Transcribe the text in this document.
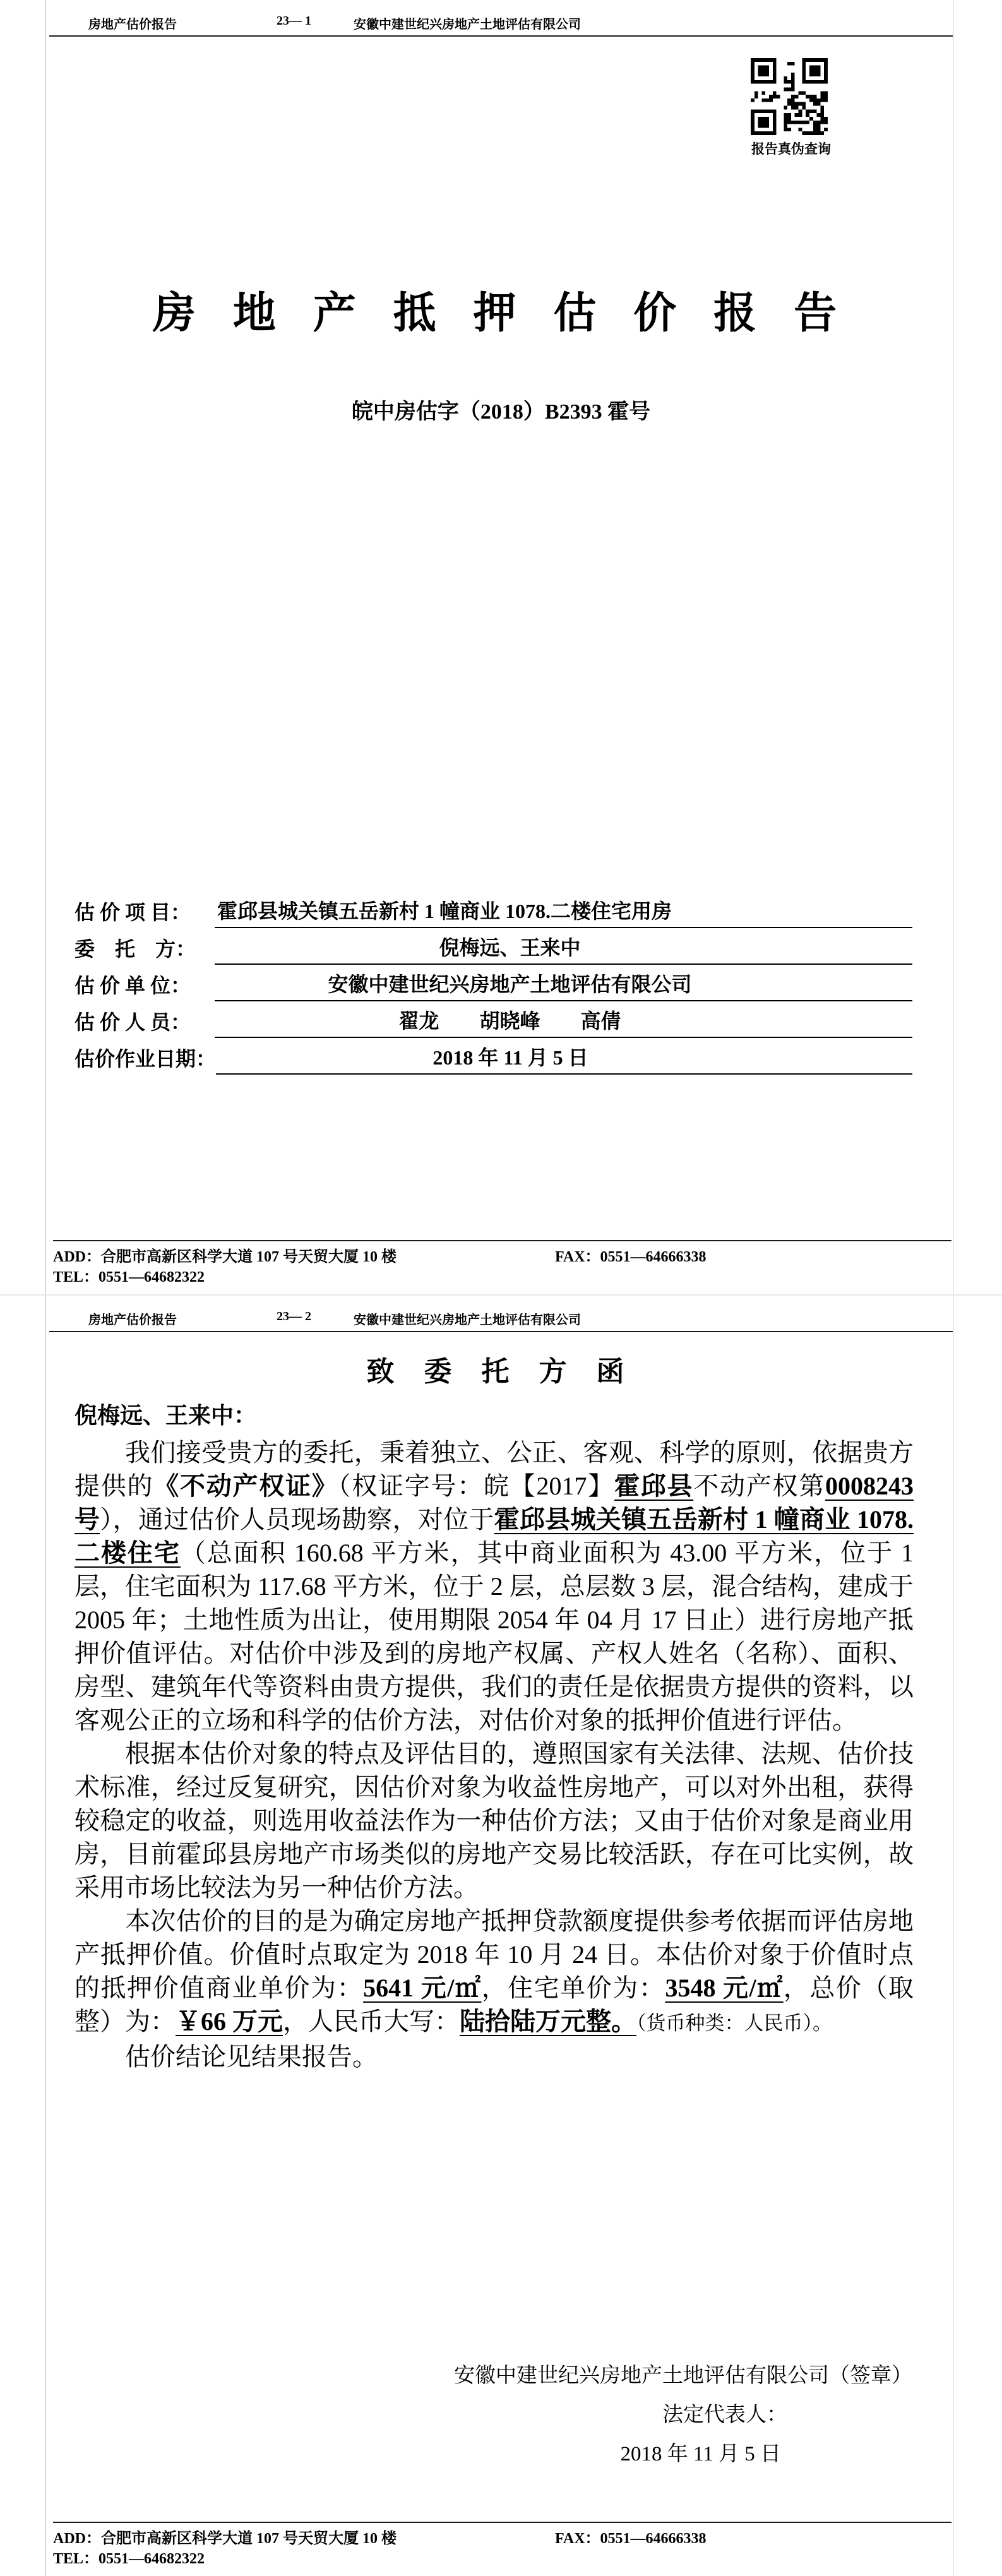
房地产估价报告	23— 1	安徽中建世纪兴房地产土地评估有限公司
报告真伪查询
房 地 产 抵 押 估 价 报 告
皖中房估字（2018）B2393 霍号
估 价 项 目：	霍邱县城关镇五岳新村 1 幢商业 1078.二楼住宅用房
委　托　方：	倪梅远、王来中
估 价 单 位：	安徽中建世纪兴房地产土地评估有限公司
估 价 人 员：	翟龙　　胡晓峰　　高倩
估价作业日期：	2018 年 11 月 5 日
ADD：合肥市高新区科学大道 107 号天贸大厦 10 楼	FAX：0551—64666338
TEL：0551—64682322
房地产估价报告	23— 2	安徽中建世纪兴房地产土地评估有限公司
致 委 托 方 函
倪梅远、王来中：

我们接受贵方的委托，秉着独立、公正、客观、科学的原则，依据贵方提供的《不动产权证》（权证字号：皖【2017】霍邱县不动产权第0008243 号），通过估价人员现场勘察，对位于霍邱县城关镇五岳新村 1 幢商业 1078. 二楼住宅（总面积 160.68 平方米，其中商业面积为 43.00 平方米，位于 1 层，住宅面积为 117.68 平方米，位于 2 层，总层数 3 层，混合结构，建成于 2005 年；土地性质为出让，使用期限 2054 年 04 月 17 日止）进行房地产抵押价值评估。对估价中涉及到的房地产权属、产权人姓名（名称）、面积、房型、建筑年代等资料由贵方提供，我们的责任是依据贵方提供的资料，以客观公正的立场和科学的估价方法，对估价对象的抵押价值进行评估。

根据本估价对象的特点及评估目的，遵照国家有关法律、法规、估价技术标准，经过反复研究，因估价对象为收益性房地产，可以对外出租，获得较稳定的收益，则选用收益法作为一种估价方法；又由于估价对象是商业用房，目前霍邱县房地产市场类似的房地产交易比较活跃，存在可比实例，故采用市场比较法为另一种估价方法。

本次估价的目的是为确定房地产抵押贷款额度提供参考依据而评估房地产抵押价值。价值时点取定为 2018 年 10 月 24 日。本估价对象于价值时点的抵押价值商业单价为：5641 元/㎡，住宅单价为：3548 元/㎡，总价（取整）为：￥66 万元，人民币大写：陆拾陆万元整。（货币种类：人民币）。

估价结论见结果报告。

安徽中建世纪兴房地产土地评估有限公司（签章）
法定代表人：
2018 年 11 月 5 日
ADD：合肥市高新区科学大道 107 号天贸大厦 10 楼	FAX：0551—64666338
TEL：0551—64682322
